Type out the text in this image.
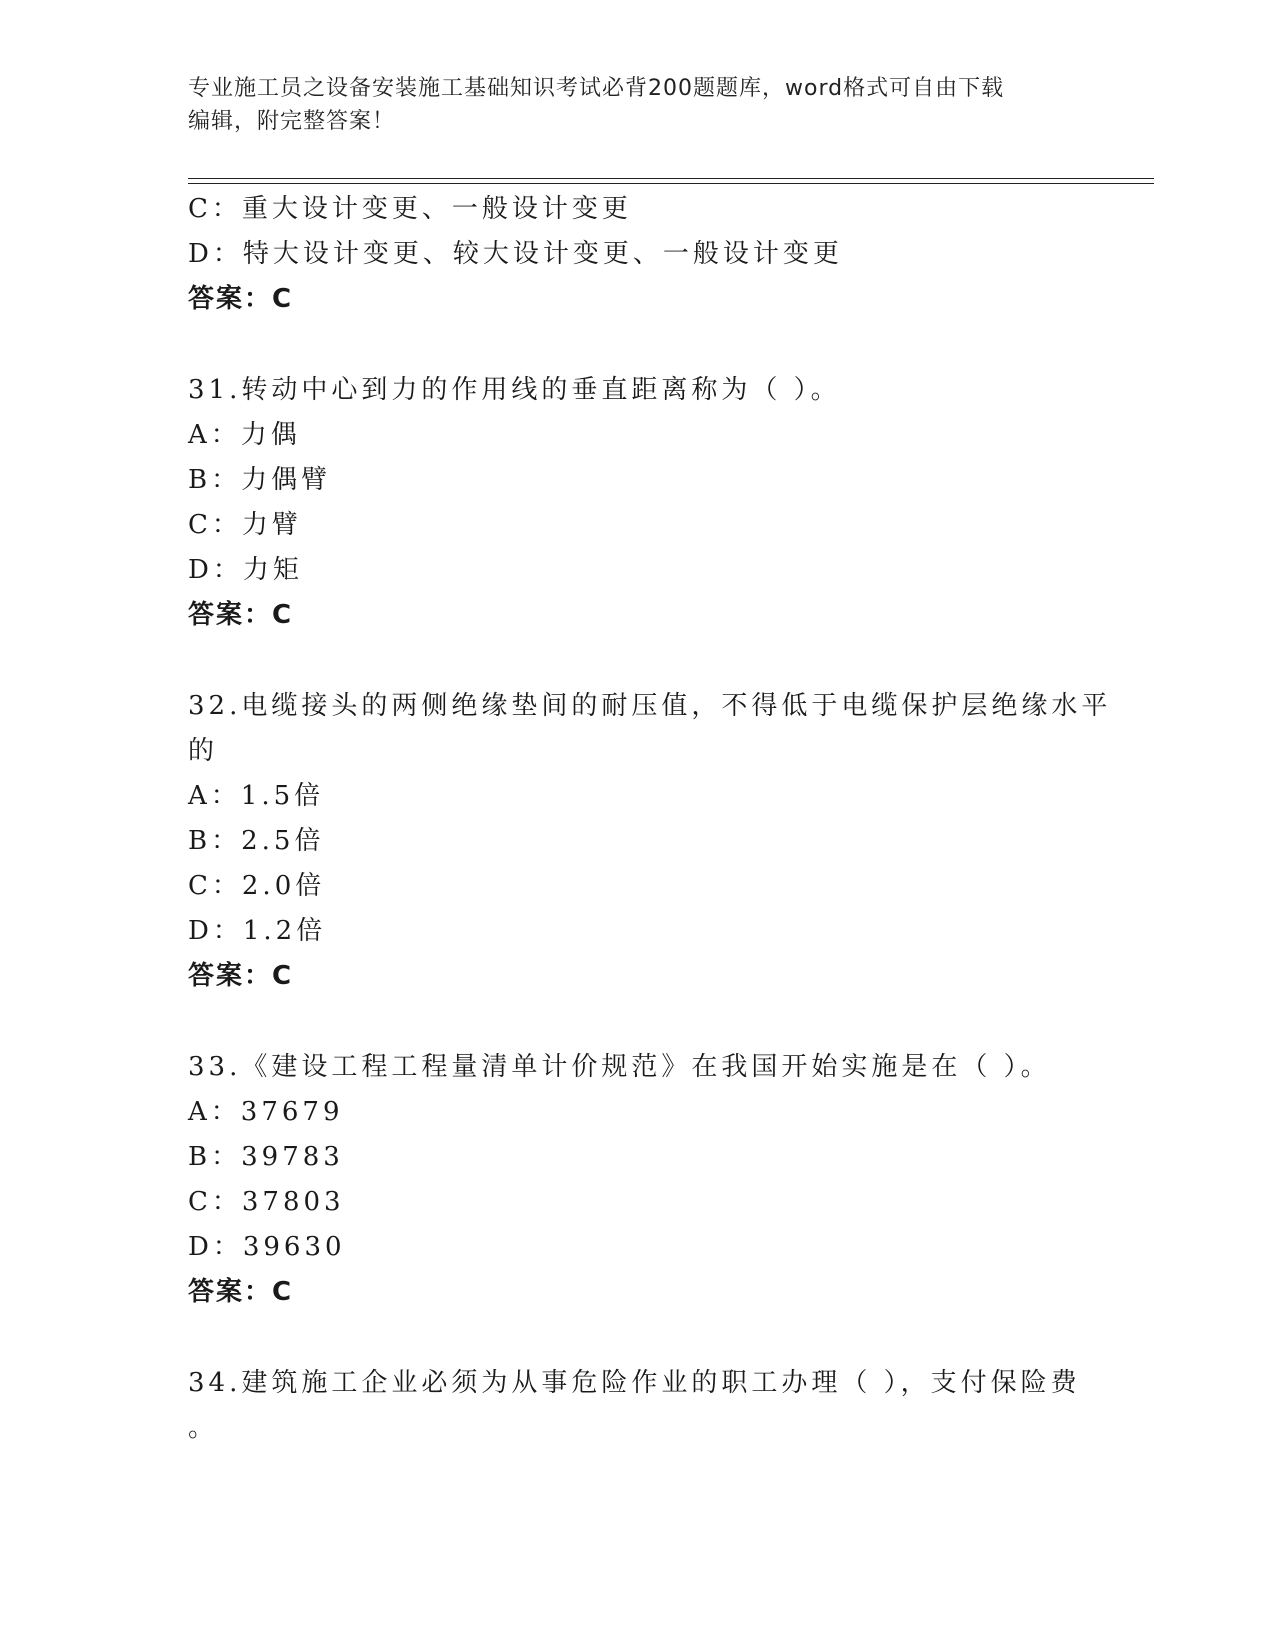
专业施工员之设备安装施工基础知识考试必背200题题库，word格式可自由下载
编辑，附完整答案！
C：重大设计变更、一般设计变更
D：特大设计变更、较大设计变更、一般设计变更
答案：C
31.转动中心到力的作用线的垂直距离称为（ ）。
A：力偶
B：力偶臂
C：力臂
D：力矩
答案：C
32.电缆接头的两侧绝缘垫间的耐压值，不得低于电缆保护层绝缘水平
的
A：1.5倍
B：2.5倍
C：2.0倍
D：1.2倍
答案：C
33.《建设工程工程量清单计价规范》在我国开始实施是在（ ）。
A：37679
B：39783
C：37803
D：39630
答案：C
34.建筑施工企业必须为从事危险作业的职工办理（ ），支付保险费
。
